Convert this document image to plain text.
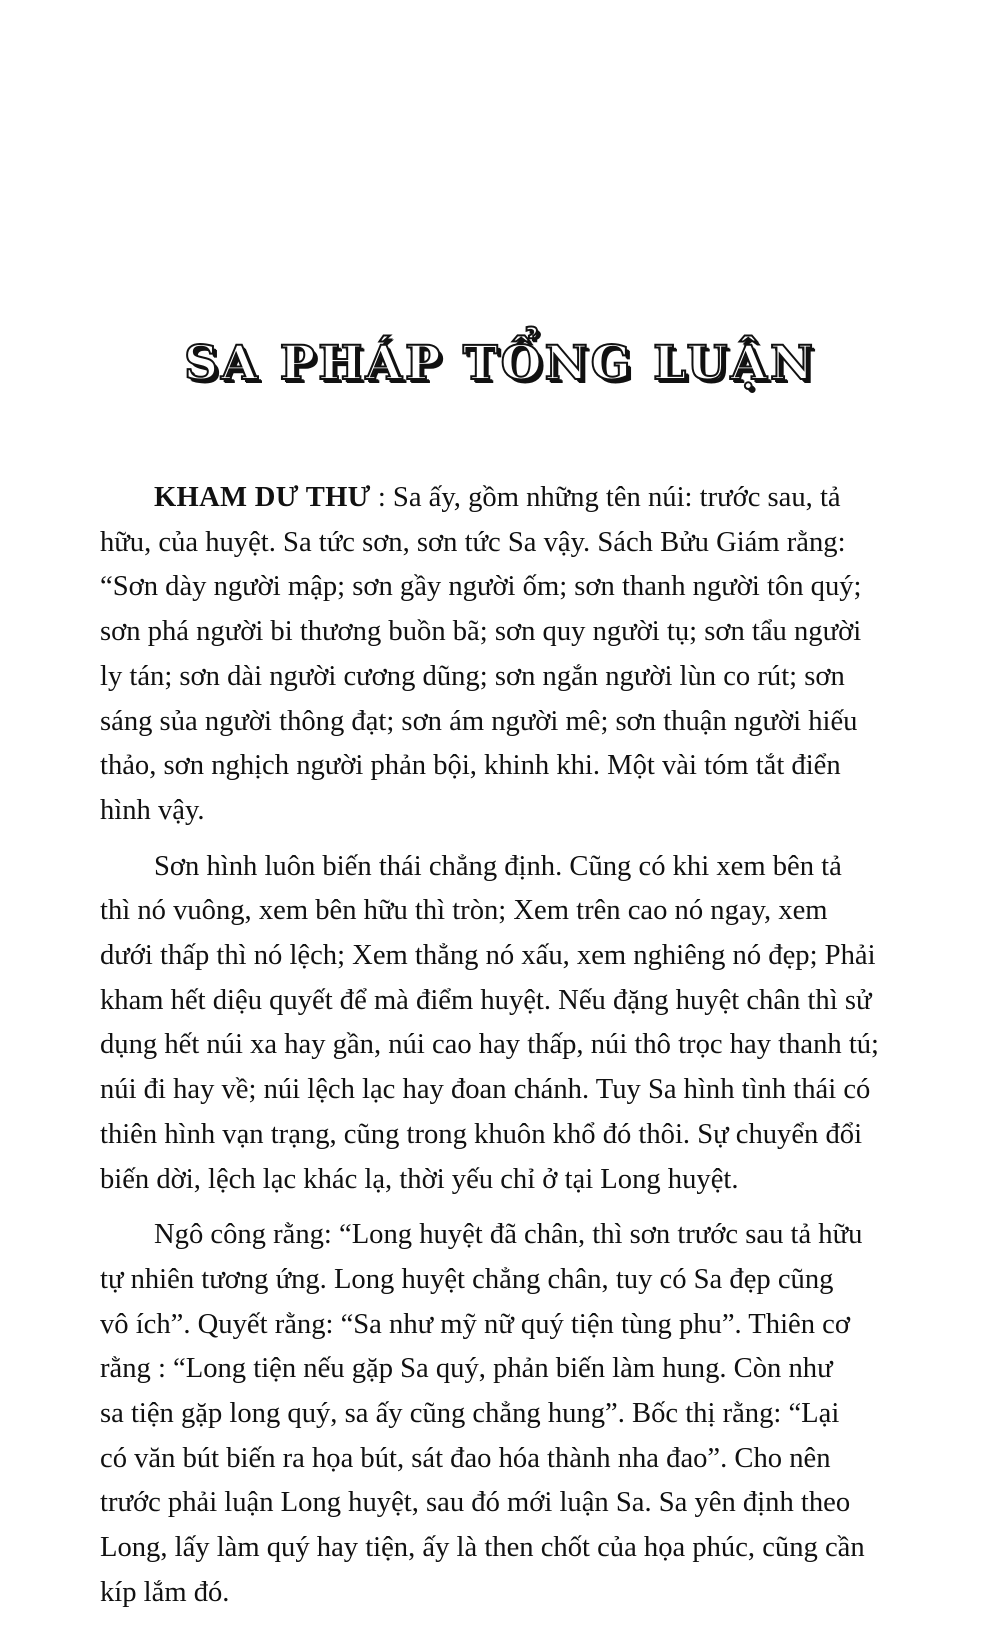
SA PHÁP TỔNG LUẬN

KHAM DƯ THƯ : Sa ấy, gồm những tên núi: trước sau, tả
hữu, của huyệt. Sa tức sơn, sơn tức Sa vậy. Sách Bửu Giám rằng:
“Sơn dày người mập; sơn gầy người ốm; sơn thanh người tôn quý;
sơn phá người bi thương buồn bã; sơn quy người tụ; sơn tẩu người
ly tán; sơn dài người cương dũng; sơn ngắn người lùn co rút; sơn
sáng sủa người thông đạt; sơn ám người mê; sơn thuận người hiếu
thảo, sơn nghịch người phản bội, khinh khi. Một vài tóm tắt điển
hình vậy.

Sơn hình luôn biến thái chẳng định. Cũng có khi xem bên tả
thì nó vuông, xem bên hữu thì tròn; Xem trên cao nó ngay, xem
dưới thấp thì nó lệch; Xem thẳng nó xấu, xem nghiêng nó đẹp; Phải
kham hết diệu quyết để mà điểm huyệt. Nếu đặng huyệt chân thì sử
dụng hết núi xa hay gần, núi cao hay thấp, núi thô trọc hay thanh tú;
núi đi hay về; núi lệch lạc hay đoan chánh. Tuy Sa hình tình thái có
thiên hình vạn trạng, cũng trong khuôn khổ đó thôi. Sự chuyển đổi
biến dời, lệch lạc khác lạ, thời yếu chỉ ở tại Long huyệt.

Ngô công rằng: “Long huyệt đã chân, thì sơn trước sau tả hữu
tự nhiên tương ứng. Long huyệt chẳng chân, tuy có Sa đẹp cũng
vô ích”. Quyết rằng: “Sa như mỹ nữ quý tiện tùng phu”. Thiên cơ
rằng : “Long tiện nếu gặp Sa quý, phản biến làm hung. Còn như
sa tiện gặp long quý, sa ấy cũng chẳng hung”. Bốc thị rằng: “Lại
có văn bút biến ra họa bút, sát đao hóa thành nha đao”. Cho nên
trước phải luận Long huyệt, sau đó mới luận Sa. Sa yên định theo
Long, lấy làm quý hay tiện, ấy là then chốt của họa phúc, cũng cần
kíp lắm đó.
